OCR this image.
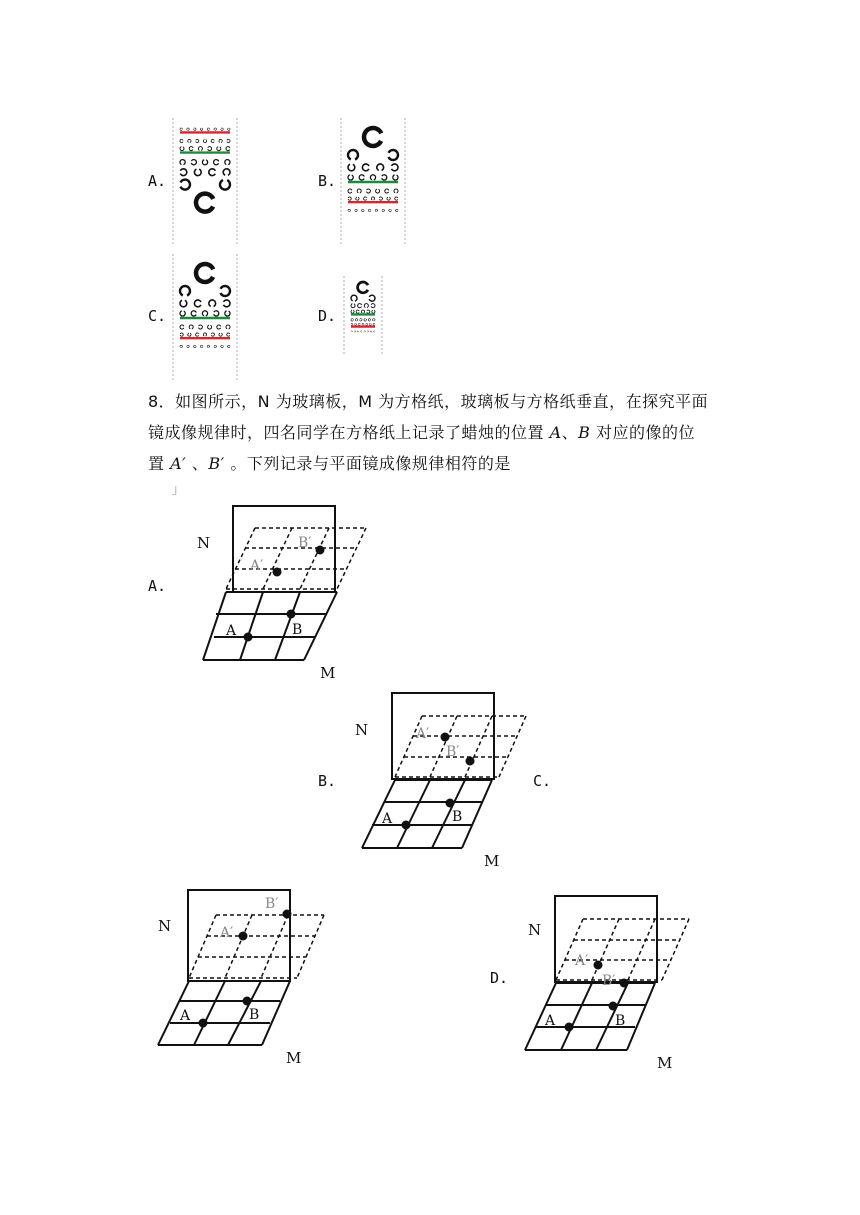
A.	B.
C.	D.
8．如图所示，N 为玻璃板，M 为方格纸，玻璃板与方格纸垂直，在探究平面
镜成像规律时，四名同学在方格纸上记录了蜡烛的位置 A、B 对应的像的位
置 A′ 、B′ 。下列记录与平面镜成像规律相符的是
」
A.
B.	C.
D.
N	B′
A′
A	B
M
N	A′
B′
A	B
M
N
B′
A′
A	B
M
N
A′
B′
A	B
M
